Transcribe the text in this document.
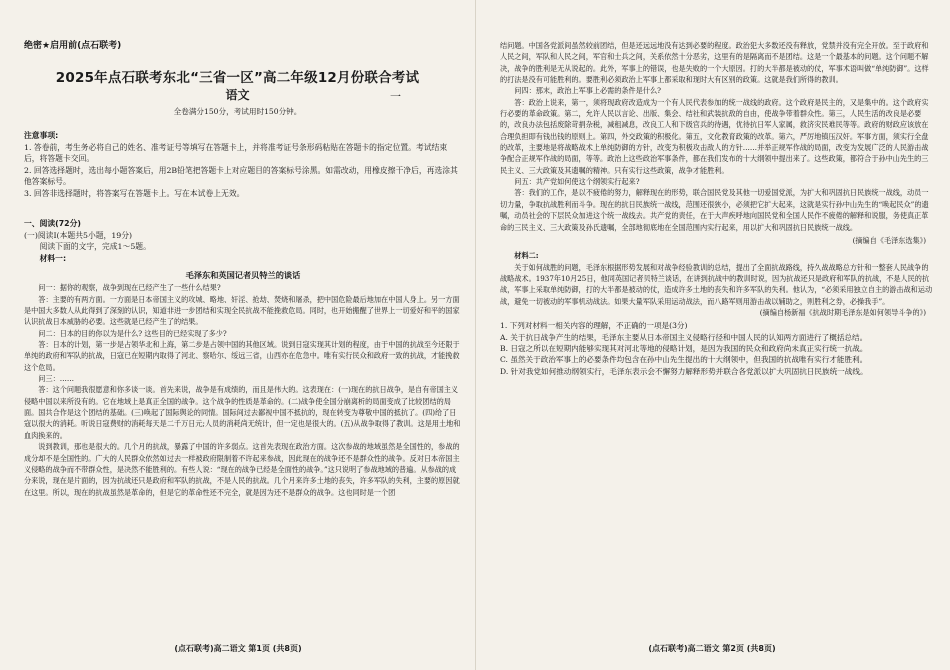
绝密★启用前(点石联考)
2025年点石联考东北“三省一区”高二年级12月份联合考试
语文	一
全卷满分150分，考试用时150分钟。

注意事项:

1. 答卷前，考生务必将自己的姓名、准考证号等填写在答题卡上，并将准考证号条形码粘贴在答题卡的指定位置。考试结束后，将答题卡交回。

2. 回答选择题时，选出每小题答案后，用2B铅笔把答题卡上对应题目的答案标号涂黑。如需改动，用橡皮擦干净后，再选涂其他答案标号。

3. 回答非选择题时，将答案写在答题卡上。写在本试卷上无效。

一、阅读(72分)

(一)阅读Ⅰ(本题共5小题，19分)

阅读下面的文字，完成1～5题。

材料一:

毛泽东和英国记者贝特兰的谈话

问一：据你的观察，战争到现在已经产生了一些什么结果?

答：主要的有两方面。一方面是日本帝国主义的攻城、略地、奸淫、抢劫、焚烧和屠杀，把中国危险最后地加在中国人身上。另一方面是中国大多数人从此得到了深刻的认识，知道非进一步团结和实现全民抗战不能挽救危局。同时，也开始搬醒了世界上一切爱好和平的国家认识抗战日本威胁的必要。这些就是已经产生了的结果。

问二：日本的目的你以为是什么? 这些目的已经实现了多少?

答：日本的计划，第一步是占领华北和上海，第二步是占领中国的其他区域。说到日寇实现其计划的程度，由于中国的抗战至今还限于单纯的政府和军队的抗战，日寇已在短期内取得了河北、察哈尔、绥远三省，山西亦在危急中。唯有实行民众和政府一致的抗战，才能挽救这个危局。

问三：……

答：这个问题我很愿意和你多谈一谈。首先来说，战争是有成绩的，而且是伟大的。这表现在：(一)现在的抗日战争，是自有帝国主义侵略中国以来所没有的。它在地域上是真正全国的战争。这个战争的性质是革命的。(二)战争使全国分崩离析的局面变成了比较团结的局面。国共合作是这个团结的基础。(三)唤起了国际舆论的同情。国际间过去鄙视中国不抵抗的，现在转变为尊敬中国的抵抗了。(四)给了日寇以很大的消耗。听说日寇费财的消耗每天是二千万日元;人员的消耗尚无统计，但一定也是很大的。(五)从战争取得了教训。这是用土地和血肉换来的。

说到教训，那也是很大的。几个月的抗战，暴露了中国的许多弱点。这首先表现在政治方面。这次参战的地域虽然是全国性的，参战的成分却不是全国性的。广大的人民群众依然如过去一样被政府限制着不许起来参战，因此现在的战争还不是群众性的战争。反对日本帝国主义侵略的战争而不带群众性，是决然不能胜利的。有些人说：“现在的战争已经是全面性的战争。”这只说明了参战地域的普遍。从参战的成分来说，现在是片面的，因为抗战还只是政府和军队的抗战，不是人民的抗战。几个月来许多土地的丧失，许多军队的失利，主要的原因就在这里。所以，现在的抗战虽然是革命的，但是它的革命性还不完全，就是因为还不是群众的战争。这也同时是一个团

(点石联考)高二语文 第1页 (共8页)

结问题。中国各党派间虽然较前团结，但是还远远地没有达到必要的程度。政治犯大多数还没有释放，党禁并没有完全开放。至于政府和人民之间，军队和人民之间，军官和士兵之间，关系依然十分恶劣，这里有的是隔离而不是团结。这是一个最基本的问题。这个问题不解决，战争的胜利是无从说起的。此外，军事上的错误，也是失败的一个大原因。打的大半都是被动的仗，军事术语叫做“单纯防御”。这样的打法是没有可能胜利的。要胜利必须政治上军事上都采取和现时大有区别的政策。这就是我们所得的教训。

问四：那末，政治上军事上必需的条件是什么?

答：政治上说来，第一，须将现政府改造成为一个有人民代表参加的统一战线的政府。这个政府是民主的，又是集中的。这个政府实行必要的革命政策。第二，允许人民以言论、出版、集会、结社和武装抗敌的自由，使战争带着群众性。第三，人民生活的改良是必要的，改良办法包括废除苛捐杂税，减租减息，改良工人和下级官兵的待遇，优待抗日军人家属，救济灾民难民等等。政府的财政应该放在合理负担即有钱出钱的原则上。第四，外交政策的积极化。第五，文化教育政策的改革。第六，严厉地镇压汉奸。军事方面，须实行全盘的改革，主要地是将战略战术上单纯防御的方针，改变为积极攻击敌人的方针……并举正规军作战的局面，改变为发展广泛的人民游击战争配合正规军作战的局面，等等。政治上这些政治军事条件，都在我们发布的十大纲领中提出来了。这些政策，都符合于孙中山先生的三民主义、三大政策及其遗嘱的精神。只有实行这些政策，战争才能胜利。

问五：共产党如何使这个纲领实行起来?

答：我们的工作，是以不疲倦的努力，解释现在的形势，联合国民党及其他一切爱国党派，为扩大和巩固抗日民族统一战线，动员一切力量，争取抗战胜利而斗争。现在的抗日民族统一战线，范围还很狭小，必须把它扩大起来，这就是实行孙中山先生的“唤起民众”的遗嘱，动员社会的下层民众加进这个统一战线去。共产党的责任，在于大声疾呼地向国民党和全国人民作不疲倦的解释和说服，务使真正革命的三民主义、三大政策及孙氏遗嘱，全部地彻底地在全国范围内实行起来，用以扩大和巩固抗日民族统一战线。

(摘编自《毛泽东选集》)

材料二:

关于如何战胜的问题，毛泽东根据形势发展和对战争经验教训的总结，提出了全面抗战路线，持久战战略总方针和一整套人民战争的战略战术。1937年10月25日，他同英国记者贝特兰谈话，在讲到抗战中的教训时说，因为抗战还只是政府和军队的抗战，不是人民的抗战，军事上采取单纯防御，打的大半都是被动的仗，造成许多土地的丧失和许多军队的失利。他认为，“必须采用独立自主的游击战和运动战，避免一切被动的军事机动战法。如果大量军队采用运动战法，而八路军则用游击战以辅助之，则胜利之券，必操我手”。

(摘编自杨新福《抗战时期毛泽东是如何领导斗争的》)

1. 下列对材料一相关内容的理解，不正确的一项是(3分)

A. 关于抗日战争产生的结果，毛泽东主要从日本帝国主义侵略行径和中国人民的认知两方面进行了概括总结。

B. 日寇之所以在短期内能够实现其对河北等地的侵略计划，是因为我国的民众和政府尚未真正实行统一抗战。

C. 虽然关于政治军事上的必要条件均包含在孙中山先生提出的十大纲领中，但我国的抗战唯有实行才能胜利。

D. 针对我党如何推动纲领实行，毛泽东表示会不懈努力解释形势并联合各党派以扩大巩固抗日民族统一战线。

(点石联考)高二语文 第2页 (共8页)
